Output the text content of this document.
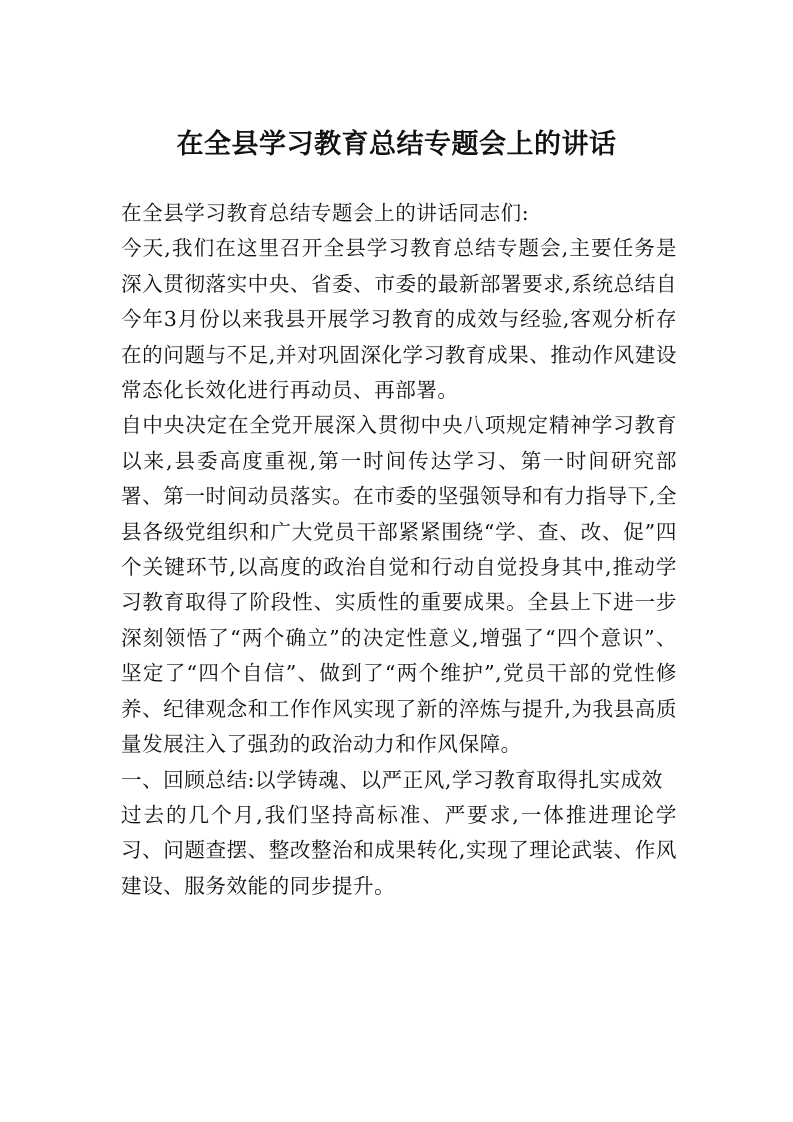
在全县学习教育总结专题会上的讲话

在全县学习教育总结专题会上的讲话同志们:

今天,我们在这里召开全县学习教育总结专题会,主要任务是深入贯彻落实中央、省委、市委的最新部署要求,系统总结自今年3月份以来我县开展学习教育的成效与经验,客观分析存在的问题与不足,并对巩固深化学习教育成果、推动作风建设常态化长效化进行再动员、再部署。

自中央决定在全党开展深入贯彻中央八项规定精神学习教育以来,县委高度重视,第一时间传达学习、第一时间研究部署、第一时间动员落实。在市委的坚强领导和有力指导下,全县各级党组织和广大党员干部紧紧围绕“学、查、改、促”四个关键环节,以高度的政治自觉和行动自觉投身其中,推动学习教育取得了阶段性、实质性的重要成果。全县上下进一步深刻领悟了“两个确立”的决定性意义,增强了“四个意识”、坚定了“四个自信”、做到了“两个维护”,党员干部的党性修养、纪律观念和工作作风实现了新的淬炼与提升,为我县高质量发展注入了强劲的政治动力和作风保障。

一、回顾总结:以学铸魂、以严正风,学习教育取得扎实成效

过去的几个月,我们坚持高标准、严要求,一体推进理论学习、问题查摆、整改整治和成果转化,实现了理论武装、作风建设、服务效能的同步提升。
